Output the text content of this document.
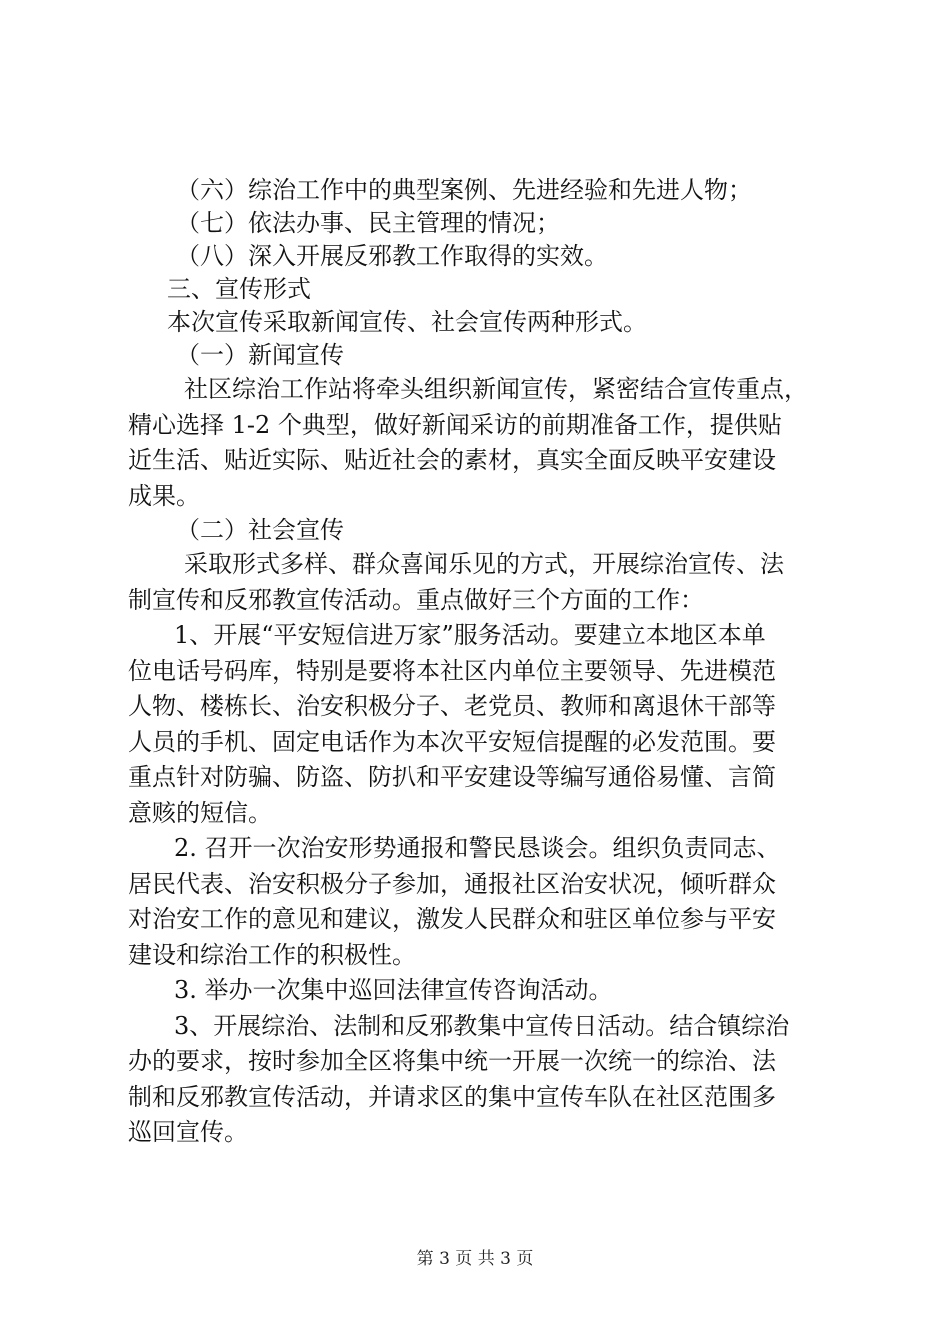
（六）综治工作中的典型案例、先进经验和先进人物；
（七）依法办事、民主管理的情况；
（八）深入开展反邪教工作取得的实效。
三、宣传形式
本次宣传采取新闻宣传、社会宣传两种形式。
（一）新闻宣传
社区综治工作站将牵头组织新闻宣传，紧密结合宣传重点，
精心选择 1-2 个典型，做好新闻采访的前期准备工作，提供贴
近生活、贴近实际、贴近社会的素材，真实全面反映平安建设
成果。
（二）社会宣传
采取形式多样、群众喜闻乐见的方式，开展综治宣传、法
制宣传和反邪教宣传活动。重点做好三个方面的工作：
1、开展“平安短信进万家”服务活动。要建立本地区本单
位电话号码库，特别是要将本社区内单位主要领导、先进模范
人物、楼栋长、治安积极分子、老党员、教师和离退休干部等
人员的手机、固定电话作为本次平安短信提醒的必发范围。要
重点针对防骗、防盗、防扒和平安建设等编写通俗易懂、言简
意赅的短信。
2. 召开一次治安形势通报和警民恳谈会。组织负责同志、
居民代表、治安积极分子参加，通报社区治安状况，倾听群众
对治安工作的意见和建议，激发人民群众和驻区单位参与平安
建设和综治工作的积极性。
3. 举办一次集中巡回法律宣传咨询活动。
3、开展综治、法制和反邪教集中宣传日活动。结合镇综治
办的要求，按时参加全区将集中统一开展一次统一的综治、法
制和反邪教宣传活动，并请求区的集中宣传车队在社区范围多
巡回宣传。
第 3 页 共 3 页
